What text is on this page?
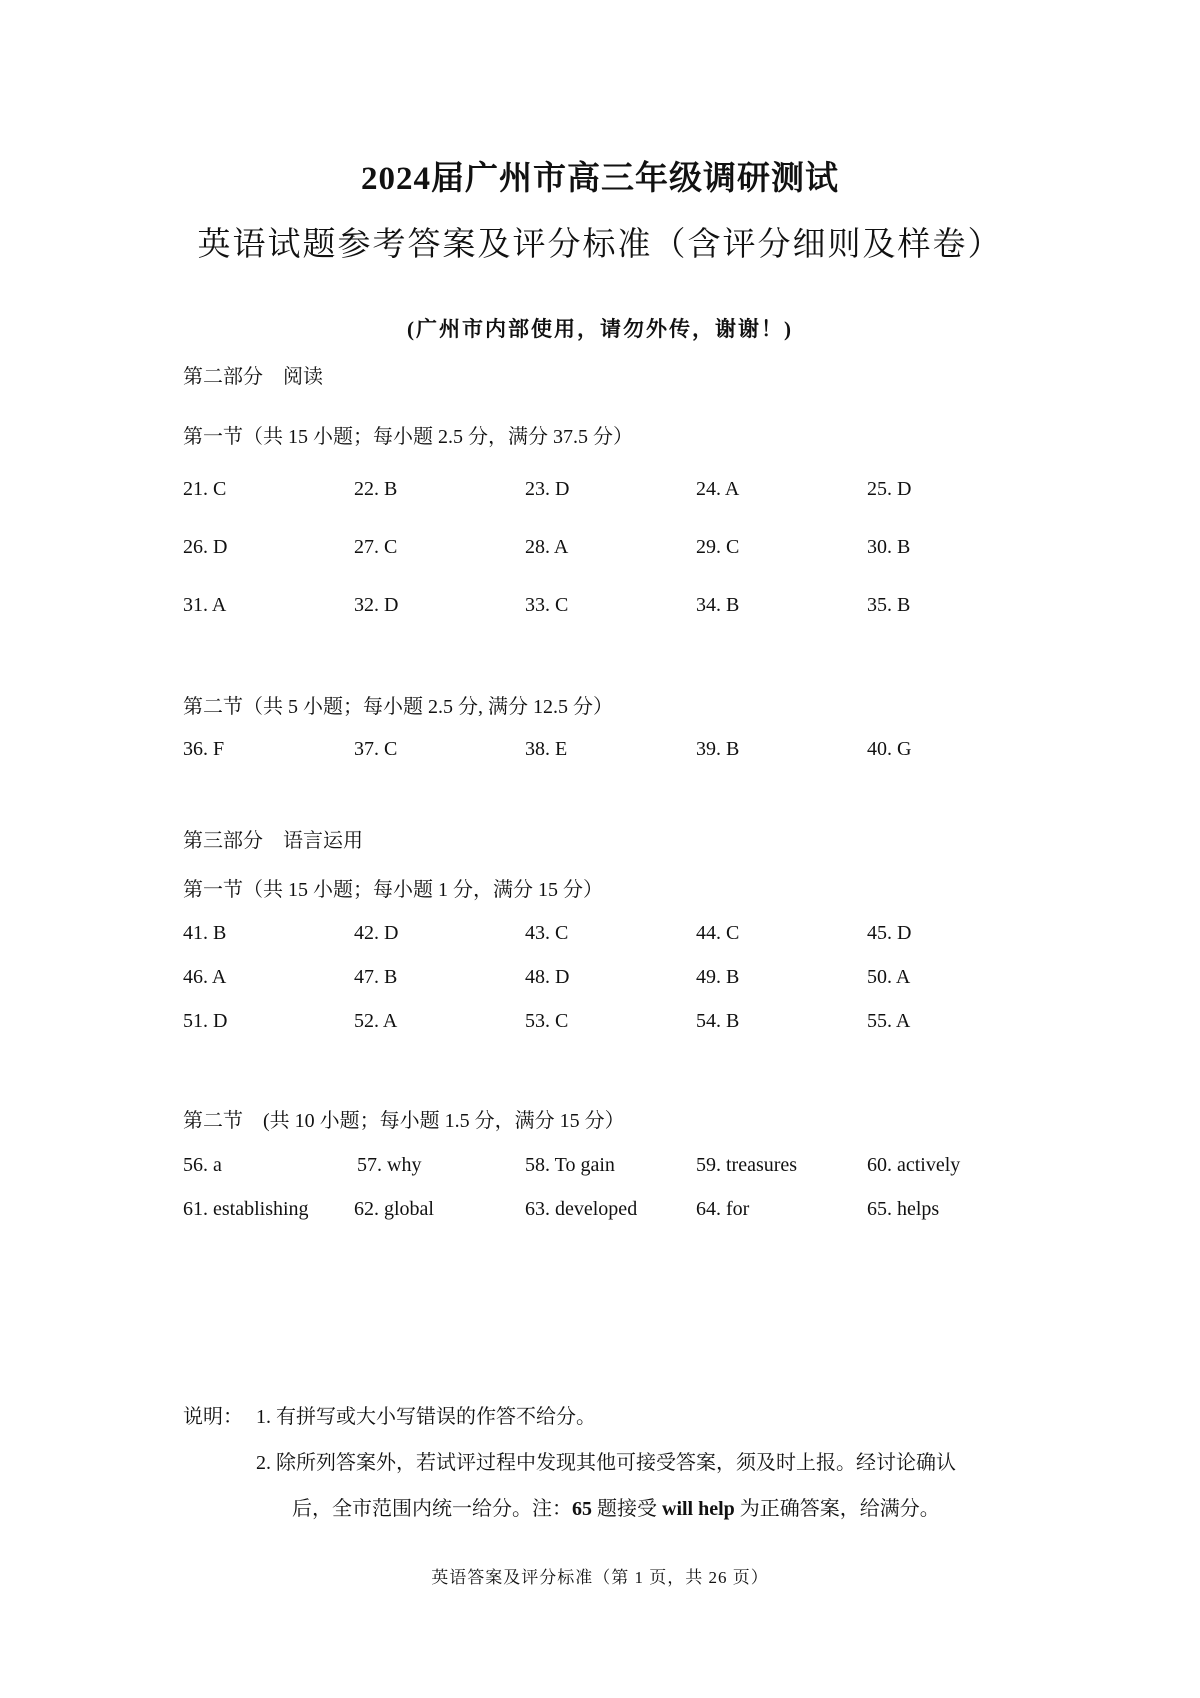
2024届广州市高三年级调研测试
英语试题参考答案及评分标准（含评分细则及样卷）
(广州市内部使用，请勿外传，谢谢！)
第二部分　阅读
第一节（共 15 小题；每小题 2.5 分，满分 37.5 分）
21. C	22. B	23. D	24. A	25. D
26. D	27. C	28. A	29. C	30. B
31. A	32. D	33. C	34. B	35. B
第二节（共 5 小题；每小题 2.5 分, 满分 12.5 分）
36. F	37. C	38. E	39. B	40. G
第三部分　语言运用
第一节（共 15 小题；每小题 1 分，满分 15 分）
41. B	42. D	43. C	44. C	45. D
46. A	47. B	48. D	49. B	50. A
51. D	52. A	53. C	54. B	55. A
第二节　(共 10 小题；每小题 1.5 分，满分 15 分）
56. a	57. why	58. To gain	59. treasures	60. actively
61. establishing 62. global	63. developed	64. for	65. helps
说明： 1. 有拼写或大小写错误的作答不给分。
2. 除所列答案外，若试评过程中发现其他可接受答案，须及时上报。经讨论确认
后，全市范围内统一给分。注：65 题接受 will help 为正确答案，给满分。
英语答案及评分标准（第 1 页，共 26 页）
